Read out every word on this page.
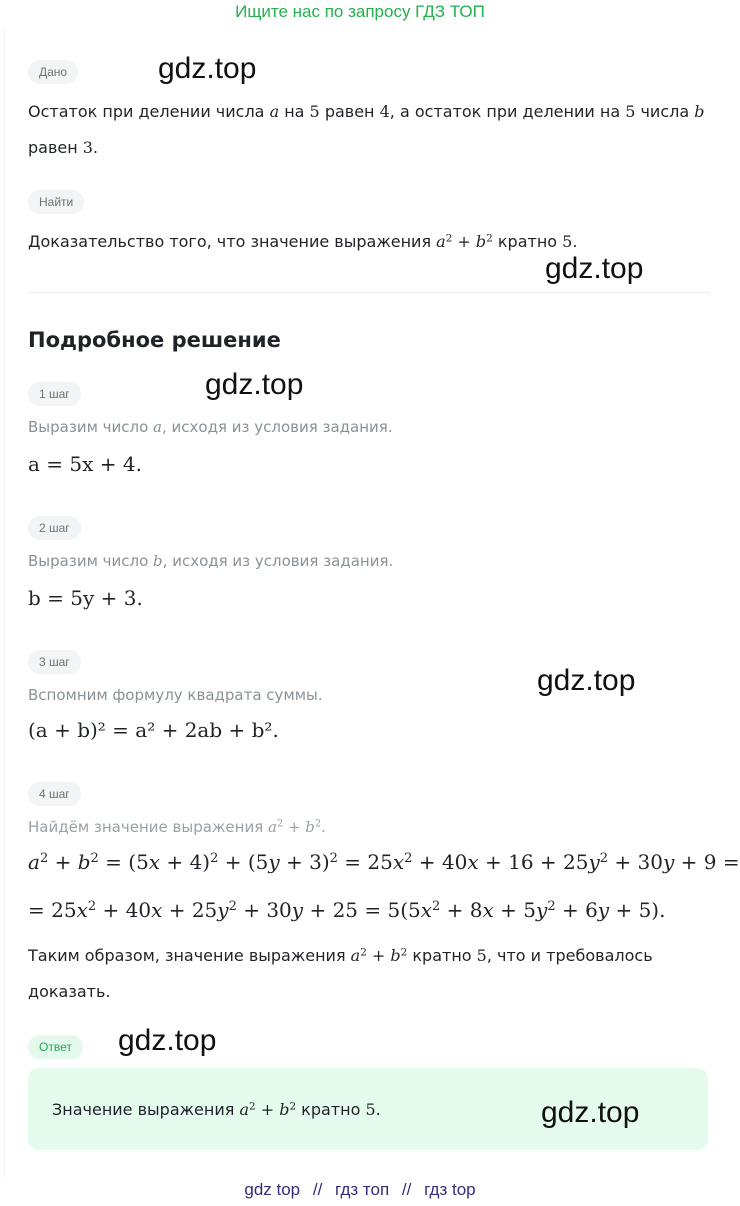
Ищите нас по запросу ГДЗ ТОП
Дано	gdz.top
Остаток при делении числа a на 5 равен 4, а остаток при делении на 5 числа b
равен 3.
Найти
Доказательство того, что значение выражения $a^2 + b^2$ кратно 5.
gdz.top
Подробное решение
1 шаг	gdz.top
Выразим число a, исходя из условия задания.
a = 5x + 4.
2 шаг
Выразим число b, исходя из условия задания.
b = 5y + 3.
3 шаг
Вспомним формулу квадрата суммы.	gdz.top
(a + b)² = a² + 2ab + b².
4 шаг
Найдём значение выражения $a^2 + b^2$.
$a^2 + b^2 = (5x + 4)^2 + (5y + 3)^2 = 25x^2 + 40x + 16 + 25y^2 + 30y + 9$ =
= $25x^2 + 40x + 25y^2 + 30y + 25 = 5(5x^2 + 8x + 5y^2 + 6y + 5)$.
Таким образом, значение выражения $a^2 + b^2$ кратно 5, что и требовалось
доказать.
Ответ	gdz.top
Значение выражения $a^2 + b^2$ кратно 5.	gdz.top
gdz top // гдз топ // гдз top
